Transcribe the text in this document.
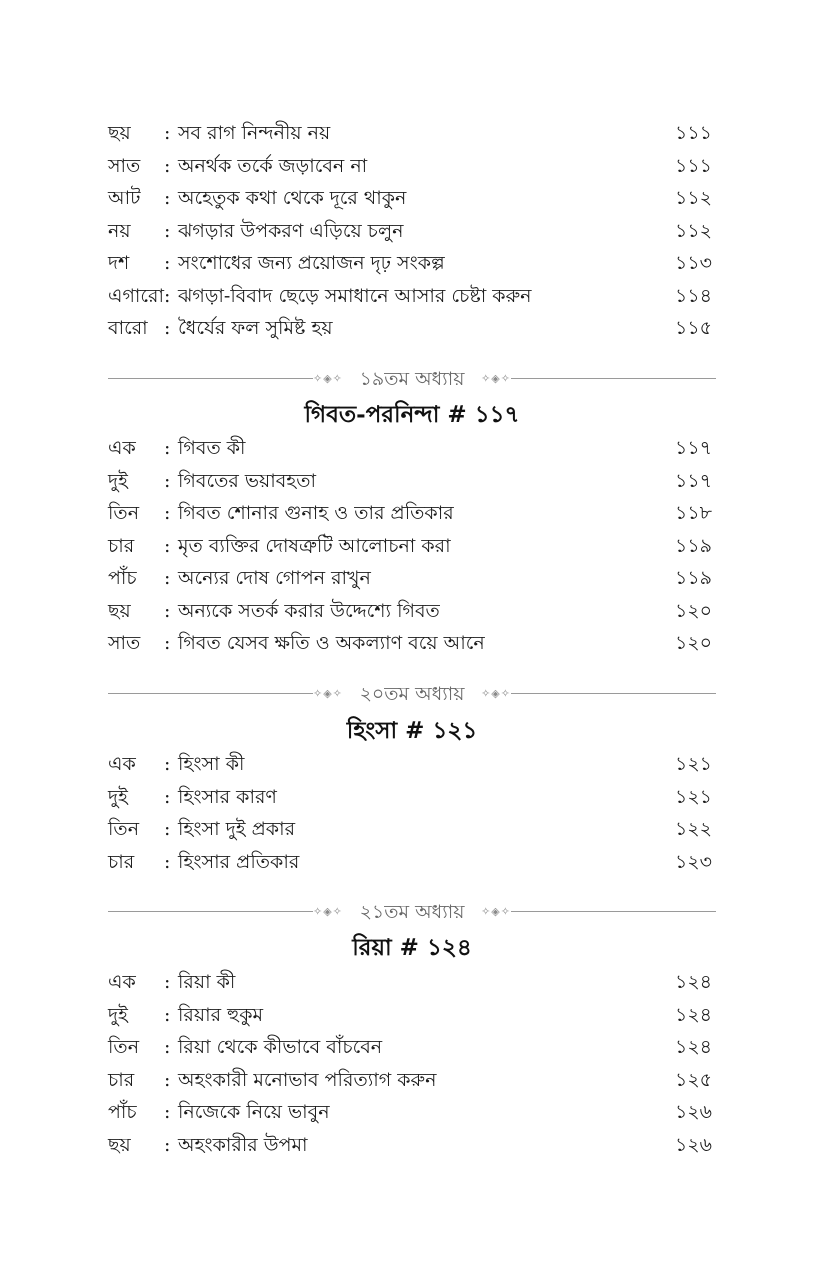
ছয় : সব রাগ নিন্দনীয় নয়	১১১
সাত : অনর্থক তর্কে জড়াবেন না	১১১
আট : অহেতুক কথা থেকে দূরে থাকুন	১১২
নয় : ঝগড়ার উপকরণ এড়িয়ে চলুন	১১২
দশ : সংশোধের জন্য প্রয়োজন দৃঢ় সংকল্প	১১৩
এগারো : ঝগড়া-বিবাদ ছেড়ে সমাধানে আসার চেষ্টা করুন	১১৪
বারো : ধৈর্যের ফল সুমিষ্ট হয়	১১৫
✧◈✧ ১৯তম অধ্যায়	✧◈✧
গিবত-পরনিন্দা # ১১৭
এক : গিবত কী	১১৭
দুই : গিবতের ভয়াবহতা	১১৭
তিন : গিবত শোনার গুনাহ ও তার প্রতিকার	১১৮
চার : মৃত ব্যক্তির দোষত্রুটি আলোচনা করা	১১৯
পাঁচ : অন্যের দোষ গোপন রাখুন	১১৯
ছয় : অন্যকে সতর্ক করার উদ্দেশ্যে গিবত	১২০
সাত : গিবত যেসব ক্ষতি ও অকল্যাণ বয়ে আনে	১২০
✧◈✧ ২০তম অধ্যায়	✧◈✧
হিংসা # ১২১
এক : হিংসা কী	১২১
দুই : হিংসার কারণ	১২১
তিন : হিংসা দুই প্রকার	১২২
চার : হিংসার প্রতিকার	১২৩
✧◈✧ ২১তম অধ্যায়	✧◈✧
রিয়া # ১২৪
এক : রিয়া কী	১২৪
দুই : রিয়ার হুকুম	১২৪
তিন : রিয়া থেকে কীভাবে বাঁচবেন	১২৪
চার : অহংকারী মনোভাব পরিত্যাগ করুন	১২৫
পাঁচ : নিজেকে নিয়ে ভাবুন	১২৬
ছয় : অহংকারীর উপমা	১২৬
